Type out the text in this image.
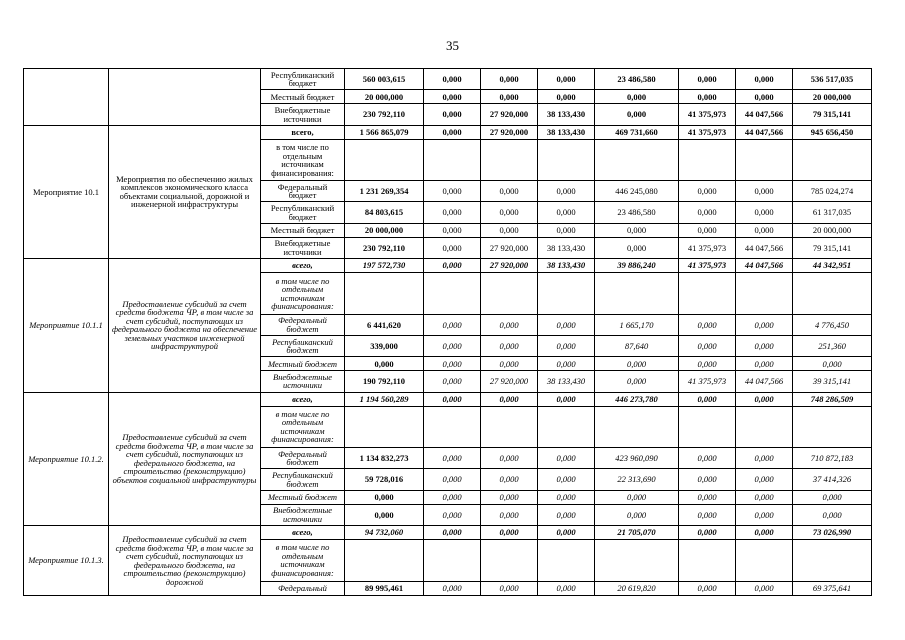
35
		Республиканский бюджет	560 003,615	0,000	0,000	0,000	23 486,580	0,000	0,000	536 517,035
		Местный бюджет	20 000,000	0,000	0,000	0,000	0,000	0,000	0,000	20 000,000
		Внебюджетные источники	230 792,110	0,000	27 920,000	38 133,430	0,000	41 375,973	44 047,566	79 315,141
Мероприятие 10.1	Мероприятия по обеспечению жилых комплексов экономического класса объектами социальной, дорожной и инженерной инфраструктуры	всего,	1 566 865,079	0,000	27 920,000	38 133,430	469 731,660	41 375,973	44 047,566	945 656,450
		в том числе по отдельным источникам финансирования:								
		Федеральный бюджет	1 231 269,354	0,000	0,000	0,000	446 245,080	0,000	0,000	785 024,274
		Республиканский бюджет	84 803,615	0,000	0,000	0,000	23 486,580	0,000	0,000	61 317,035
		Местный бюджет	20 000,000	0,000	0,000	0,000	0,000	0,000	0,000	20 000,000
		Внебюджетные источники	230 792,110	0,000	27 920,000	38 133,430	0,000	41 375,973	44 047,566	79 315,141
Мероприятие 10.1.1	Предоставление субсидий за счет средств бюджета ЧР, в том числе за счет субсидий, поступающих из федерального бюджета на обеспечение земельных участков инженерной инфраструктурой	всего,	197 572,730	0,000	27 920,000	38 133,430	39 886,240	41 375,973	44 047,566	44 342,951
		в том числе по отдельным источникам финансирования:								
		Федеральный бюджет	6 441,620	0,000	0,000	0,000	1 665,170	0,000	0,000	4 776,450
		Республиканский бюджет	339,000	0,000	0,000	0,000	87,640	0,000	0,000	251,360
		Местный бюджет	0,000	0,000	0,000	0,000	0,000	0,000	0,000	0,000
		Внебюджетные источники	190 792,110	0,000	27 920,000	38 133,430	0,000	41 375,973	44 047,566	39 315,141
Мероприятие 10.1.2.	Предоставление субсидий за счет средств бюджета ЧР, в том числе за счет субсидий, поступающих из федерального бюджета, на строительство (реконструкцию) объектов социальной инфраструктуры	всего,	1 194 560,289	0,000	0,000	0,000	446 273,780	0,000	0,000	748 286,509
		в том числе по отдельным источникам финансирования:								
		Федеральный бюджет	1 134 832,273	0,000	0,000	0,000	423 960,090	0,000	0,000	710 872,183
		Республиканский бюджет	59 728,016	0,000	0,000	0,000	22 313,690	0,000	0,000	37 414,326
		Местный бюджет	0,000	0,000	0,000	0,000	0,000	0,000	0,000	0,000
		Внебюджетные источники	0,000	0,000	0,000	0,000	0,000	0,000	0,000	0,000
Мероприятие 10.1.3.	Предоставление субсидий за счет средств бюджета ЧР, в том числе за счет субсидий, поступающих из федерального бюджета, на строительство (реконструкцию) дорожной	всего,	94 732,060	0,000	0,000	0,000	21 705,070	0,000	0,000	73 026,990
		в том числе по отдельным источникам финансирования:								
		Федеральный	89 995,461	0,000	0,000	0,000	20 619,820	0,000	0,000	69 375,641
